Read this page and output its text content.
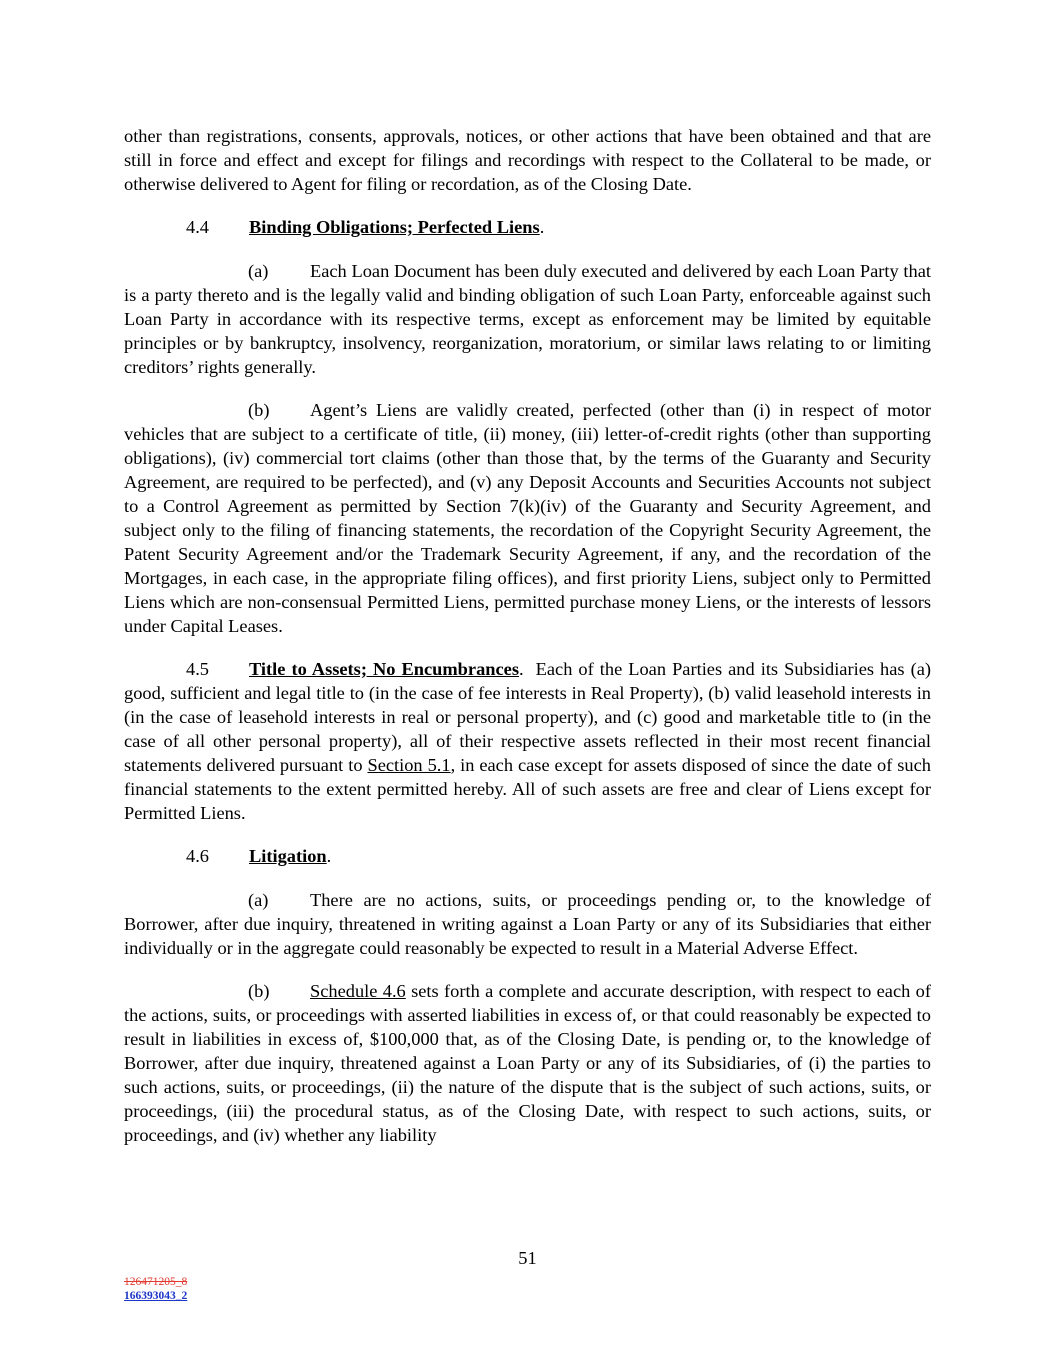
other than registrations, consents, approvals, notices, or other actions that have been obtained and that are still in force and effect and except for filings and recordings with respect to the Collateral to be made, or otherwise delivered to Agent for filing or recordation, as of the Closing Date.

4.4 Binding Obligations; Perfected Liens.

(a) Each Loan Document has been duly executed and delivered by each Loan Party that is a party thereto and is the legally valid and binding obligation of such Loan Party, enforceable against such Loan Party in accordance with its respective terms, except as enforcement may be limited by equitable principles or by bankruptcy, insolvency, reorganization, moratorium, or similar laws relating to or limiting creditors’ rights generally.

(b) Agent’s Liens are validly created, perfected (other than (i) in respect of motor vehicles that are subject to a certificate of title, (ii) money, (iii) letter-of-credit rights (other than supporting obligations), (iv) commercial tort claims (other than those that, by the terms of the Guaranty and Security Agreement, are required to be perfected), and (v) any Deposit Accounts and Securities Accounts not subject to a Control Agreement as permitted by Section 7(k)(iv) of the Guaranty and Security Agreement, and subject only to the filing of financing statements, the recordation of the Copyright Security Agreement, the Patent Security Agreement and/or the Trademark Security Agreement, if any, and the recordation of the Mortgages, in each case, in the appropriate filing offices), and first priority Liens, subject only to Permitted Liens which are non-consensual Permitted Liens, permitted purchase money Liens, or the interests of lessors under Capital Leases.

4.5 Title to Assets; No Encumbrances.  Each of the Loan Parties and its Subsidiaries has (a) good, sufficient and legal title to (in the case of fee interests in Real Property), (b) valid leasehold interests in (in the case of leasehold interests in real or personal property), and (c) good and marketable title to (in the case of all other personal property), all of their respective assets reflected in their most recent financial statements delivered pursuant to Section 5.1, in each case except for assets disposed of since the date of such financial statements to the extent permitted hereby. All of such assets are free and clear of Liens except for Permitted Liens.

4.6 Litigation.

(a) There are no actions, suits, or proceedings pending or, to the knowledge of Borrower, after due inquiry, threatened in writing against a Loan Party or any of its Subsidiaries that either individually or in the aggregate could reasonably be expected to result in a Material Adverse Effect.

(b) Schedule 4.6 sets forth a complete and accurate description, with respect to each of the actions, suits, or proceedings with asserted liabilities in excess of, or that could reasonably be expected to result in liabilities in excess of, $100,000 that, as of the Closing Date, is pending or, to the knowledge of Borrower, after due inquiry, threatened against a Loan Party or any of its Subsidiaries, of (i) the parties to such actions, suits, or proceedings, (ii) the nature of the dispute that is the subject of such actions, suits, or proceedings, (iii) the procedural status, as of the Closing Date, with respect to such actions, suits, or proceedings, and (iv) whether any liability

51
126471205_8
166393043_2
